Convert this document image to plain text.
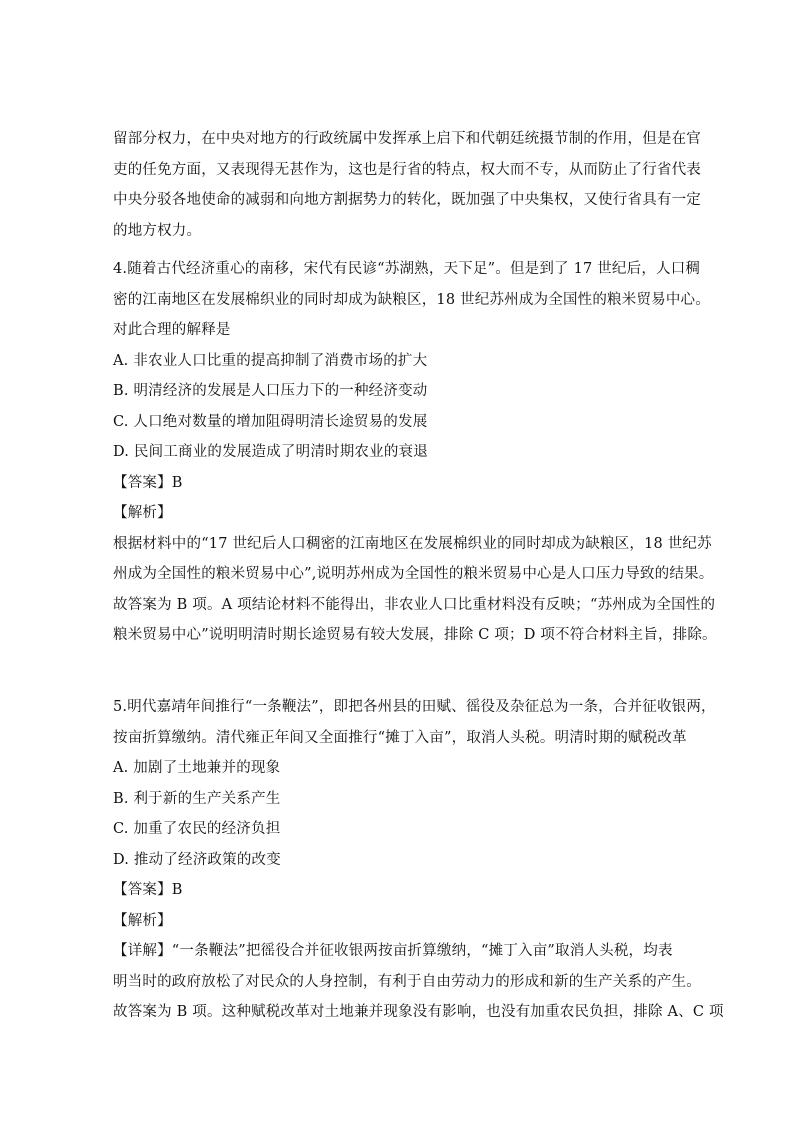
留部分权力，在中央对地方的行政统属中发挥承上启下和代朝廷统摄节制的作用，但是在官
吏的任免方面，又表现得无甚作为，这也是行省的特点，权大而不专，从而防止了行省代表
中央分驳各地使命的减弱和向地方割据势力的转化，既加强了中央集权，又使行省具有一定
的地方权力。
4.随着古代经济重心的南移，宋代有民谚“苏湖熟，天下足”。但是到了 17 世纪后，人口稠
密的江南地区在发展棉织业的同时却成为缺粮区，18 世纪苏州成为全国性的粮米贸易中心。
对此合理的解释是
A. 非农业人口比重的提高抑制了消费市场的扩大
B. 明清经济的发展是人口压力下的一种经济变动
C. 人口绝对数量的增加阻碍明清长途贸易的发展
D. 民间工商业的发展造成了明清时期农业的衰退
【答案】B
【解析】
根据材料中的“17 世纪后人口稠密的江南地区在发展棉织业的同时却成为缺粮区，18 世纪苏
州成为全国性的粮米贸易中心”,说明苏州成为全国性的粮米贸易中心是人口压力导致的结果。
故答案为 B 项。A 项结论材料不能得出，非农业人口比重材料没有反映；“苏州成为全国性的
粮米贸易中心”说明明清时期长途贸易有较大发展，排除 C 项；D 项不符合材料主旨，排除。
5.明代嘉靖年间推行“一条鞭法”，即把各州县的田赋、徭役及杂征总为一条，合并征收银两，
按亩折算缴纳。清代雍正年间又全面推行“摊丁入亩”，取消人头税。明清时期的赋税改革
A. 加剧了土地兼并的现象
B. 利于新的生产关系产生
C. 加重了农民的经济负担
D. 推动了经济政策的改变
【答案】B
【解析】
【详解】“一条鞭法”把徭役合并征收银两按亩折算缴纳，“摊丁入亩”取消人头税，均表
明当时的政府放松了对民众的人身控制，有利于自由劳动力的形成和新的生产关系的产生。
故答案为 B 项。这种赋税改革对土地兼并现象没有影响，也没有加重农民负担，排除 A、C 项
